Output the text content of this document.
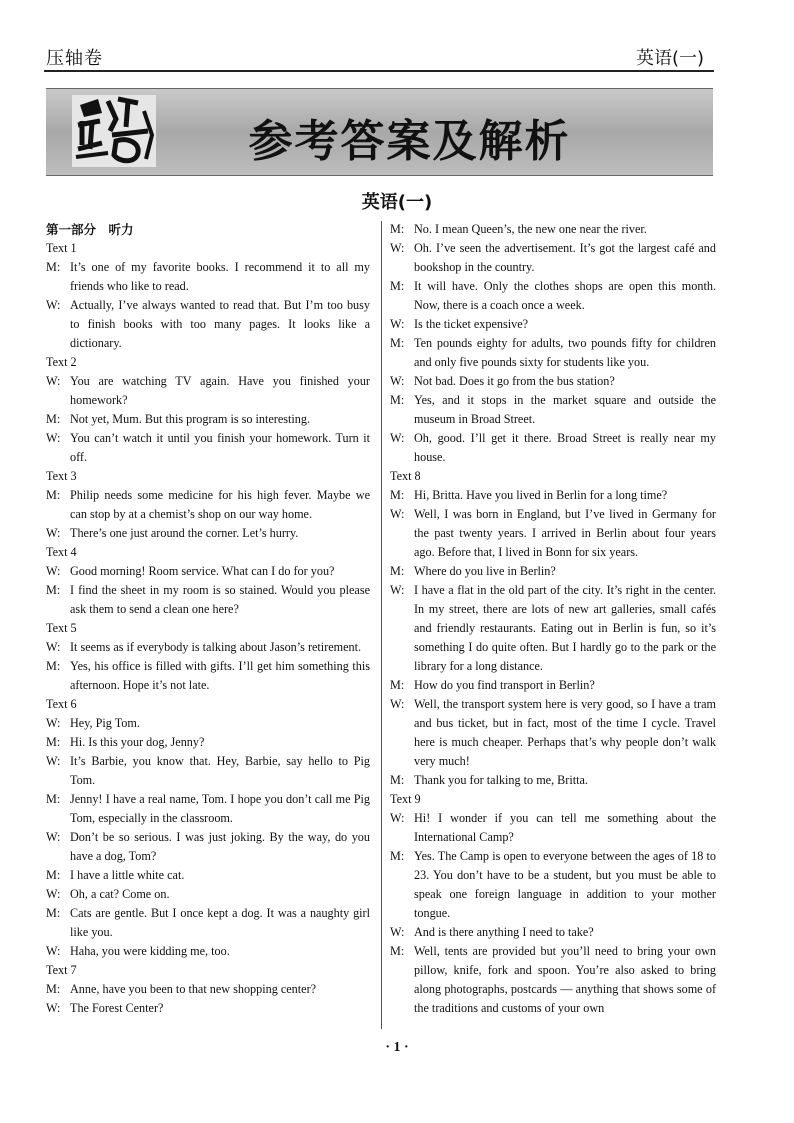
压轴卷	英语(一)
参考答案及解析
英语(一)
第一部分　听力
Text 1
M: It’s one of my favorite books. I recommend it to all my friends who like to read.
W: Actually, I’ve always wanted to read that. But I’m too busy to finish books with too many pages. It looks like a dictionary.
Text 2
W: You are watching TV again. Have you finished your homework?
M: Not yet, Mum. But this program is so interesting.
W: You can’t watch it until you finish your homework. Turn it off.
Text 3
M: Philip needs some medicine for his high fever. Maybe we can stop by at a chemist’s shop on our way home.
W: There’s one just around the corner. Let’s hurry.
Text 4
W: Good morning! Room service. What can I do for you?
M: I find the sheet in my room is so stained. Would you please ask them to send a clean one here?
Text 5
W: It seems as if everybody is talking about Jason’s retirement.
M: Yes, his office is filled with gifts. I’ll get him something this afternoon. Hope it’s not late.
Text 6
W: Hey, Pig Tom.
M: Hi. Is this your dog, Jenny?
W: It’s Barbie, you know that. Hey, Barbie, say hello to Pig Tom.
M: Jenny! I have a real name, Tom. I hope you don’t call me Pig Tom, especially in the classroom.
W: Don’t be so serious. I was just joking. By the way, do you have a dog, Tom?
M: I have a little white cat.
W: Oh, a cat? Come on.
M: Cats are gentle. But I once kept a dog. It was a naughty girl like you.
W: Haha, you were kidding me, too.
Text 7
M: Anne, have you been to that new shopping center?
W: The Forest Center?
M: No. I mean Queen’s, the new one near the river.
W: Oh. I’ve seen the advertisement. It’s got the largest café and bookshop in the country.
M: It will have. Only the clothes shops are open this month. Now, there is a coach once a week.
W: Is the ticket expensive?
M: Ten pounds eighty for adults, two pounds fifty for children and only five pounds sixty for students like you.
W: Not bad. Does it go from the bus station?
M: Yes, and it stops in the market square and outside the museum in Broad Street.
W: Oh, good. I’ll get it there. Broad Street is really near my house.
Text 8
M: Hi, Britta. Have you lived in Berlin for a long time?
W: Well, I was born in England, but I’ve lived in Germany for the past twenty years. I arrived in Berlin about four years ago. Before that, I lived in Bonn for six years.
M: Where do you live in Berlin?
W: I have a flat in the old part of the city. It’s right in the center. In my street, there are lots of new art galleries, small cafés and friendly restaurants. Eating out in Berlin is fun, so it’s something I do quite often. But I hardly go to the park or the library for a long distance.
M: How do you find transport in Berlin?
W: Well, the transport system here is very good, so I have a tram and bus ticket, but in fact, most of the time I cycle. Travel here is much cheaper. Perhaps that’s why people don’t walk very much!
M: Thank you for talking to me, Britta.
Text 9
W: Hi! I wonder if you can tell me something about the International Camp?
M: Yes. The Camp is open to everyone between the ages of 18 to 23. You don’t have to be a student, but you must be able to speak one foreign language in addition to your mother tongue.
W: And is there anything I need to take?
M: Well, tents are provided but you’ll need to bring your own pillow, knife, fork and spoon. You’re also asked to bring along photographs, postcards — anything that shows some of the traditions and customs of your own
· 1 ·
